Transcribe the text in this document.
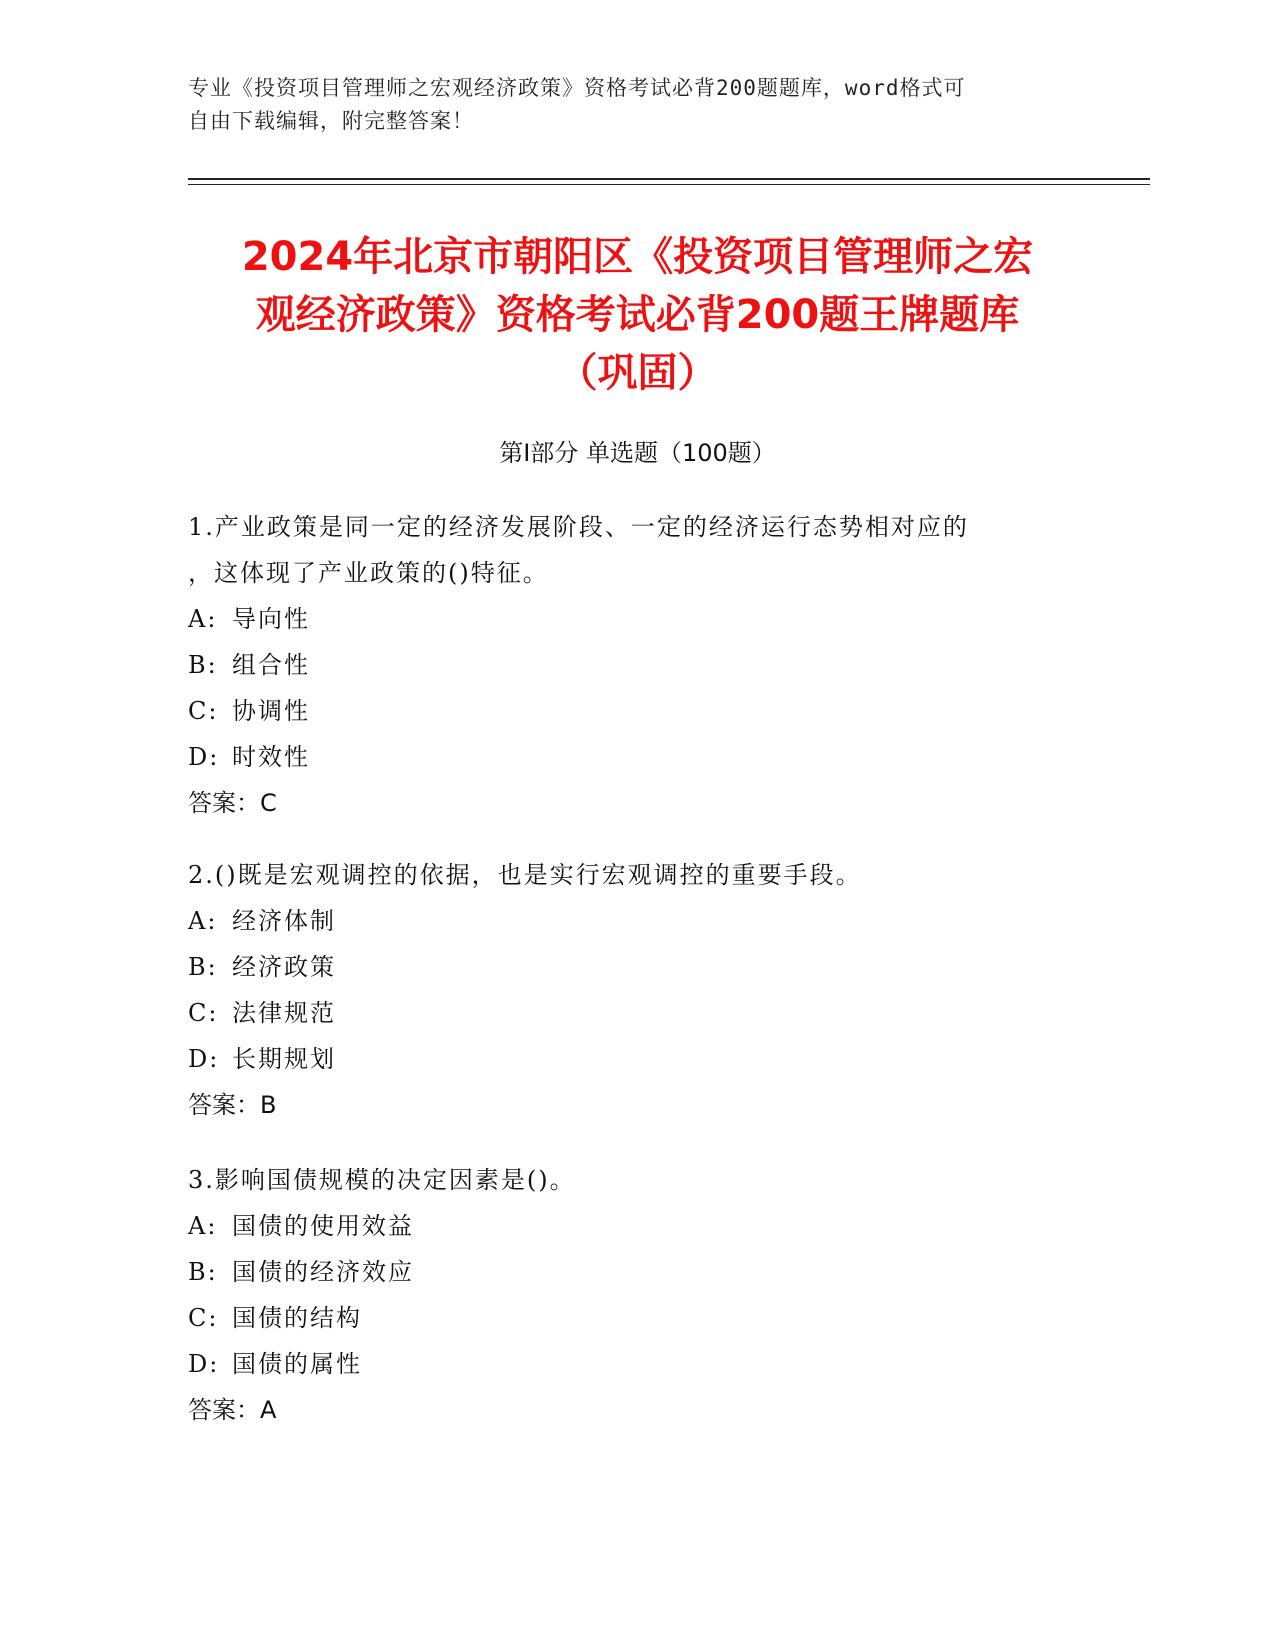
专业《投资项目管理师之宏观经济政策》资格考试必背200题题库，word格式可
自由下载编辑，附完整答案！
2024年北京市朝阳区《投资项目管理师之宏
观经济政策》资格考试必背200题王牌题库
（巩固）
第I部分 单选题（100题）

1.产业政策是同一定的经济发展阶段、一定的经济运行态势相对应的

，这体现了产业政策的()特征。

A: 导向性

B: 组合性

C: 协调性

D: 时效性

答案：C

2.()既是宏观调控的依据，也是实行宏观调控的重要手段。

A: 经济体制

B: 经济政策

C: 法律规范

D: 长期规划

答案：B

3.影响国债规模的决定因素是()。

A: 国债的使用效益

B: 国债的经济效应

C: 国债的结构

D: 国债的属性

答案：A
